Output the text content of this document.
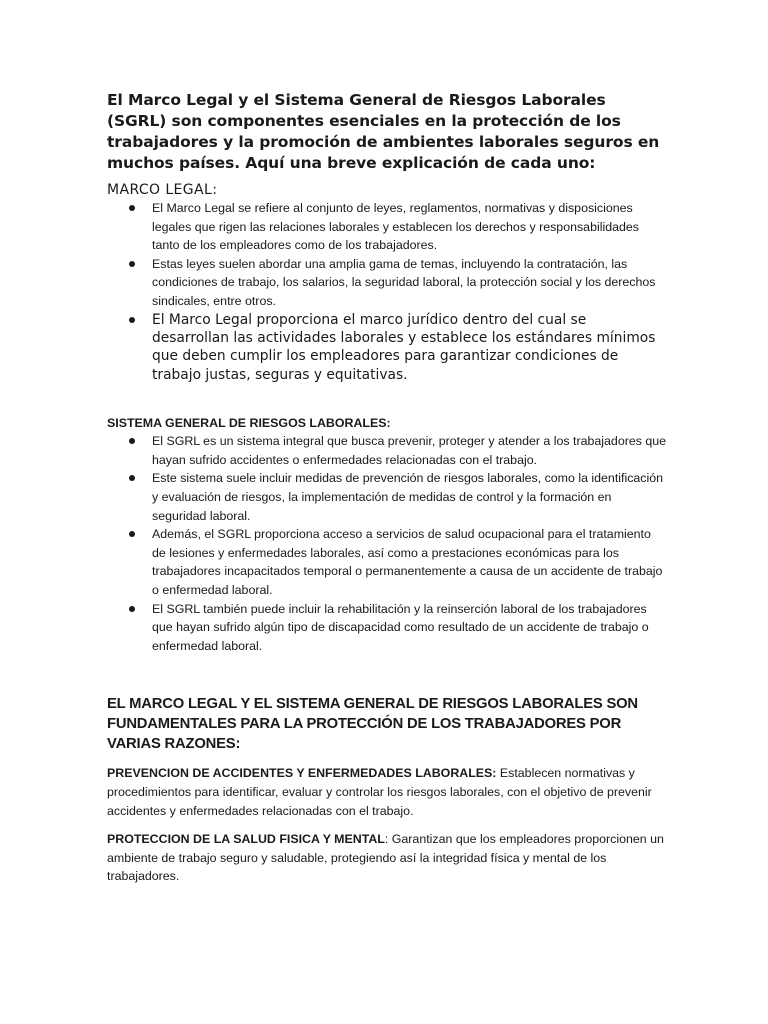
El Marco Legal y el Sistema General de Riesgos Laborales (SGRL) son componentes esenciales en la protección de los trabajadores y la promoción de ambientes laborales seguros en muchos países. Aquí una breve explicación de cada uno:

MARCO LEGAL:
El Marco Legal se refiere al conjunto de leyes, reglamentos, normativas y disposiciones legales que rigen las relaciones laborales y establecen los derechos y responsabilidades tanto de los empleadores como de los trabajadores.
Estas leyes suelen abordar una amplia gama de temas, incluyendo la contratación, las condiciones de trabajo, los salarios, la seguridad laboral, la protección social y los derechos sindicales, entre otros.
El Marco Legal proporciona el marco jurídico dentro del cual se desarrollan las actividades laborales y establece los estándares mínimos que deben cumplir los empleadores para garantizar condiciones de trabajo justas, seguras y equitativas.
SISTEMA GENERAL DE RIESGOS LABORALES:
El SGRL es un sistema integral que busca prevenir, proteger y atender a los trabajadores que hayan sufrido accidentes o enfermedades relacionadas con el trabajo.
Este sistema suele incluir medidas de prevención de riesgos laborales, como la identificación y evaluación de riesgos, la implementación de medidas de control y la formación en seguridad laboral.
Además, el SGRL proporciona acceso a servicios de salud ocupacional para el tratamiento de lesiones y enfermedades laborales, así como a prestaciones económicas para los trabajadores incapacitados temporal o permanentemente a causa de un accidente de trabajo o enfermedad laboral.
El SGRL también puede incluir la rehabilitación y la reinserción laboral de los trabajadores que hayan sufrido algún tipo de discapacidad como resultado de un accidente de trabajo o enfermedad laboral.
EL MARCO LEGAL Y EL SISTEMA GENERAL DE RIESGOS LABORALES SON FUNDAMENTALES PARA LA PROTECCIÓN DE LOS TRABAJADORES POR VARIAS RAZONES:

PREVENCION DE ACCIDENTES Y ENFERMEDADES LABORALES: Establecen normativas y procedimientos para identificar, evaluar y controlar los riesgos laborales, con el objetivo de prevenir accidentes y enfermedades relacionadas con el trabajo.

PROTECCION DE LA SALUD FISICA Y MENTAL: Garantizan que los empleadores proporcionen un ambiente de trabajo seguro y saludable, protegiendo así la integridad física y mental de los trabajadores.
